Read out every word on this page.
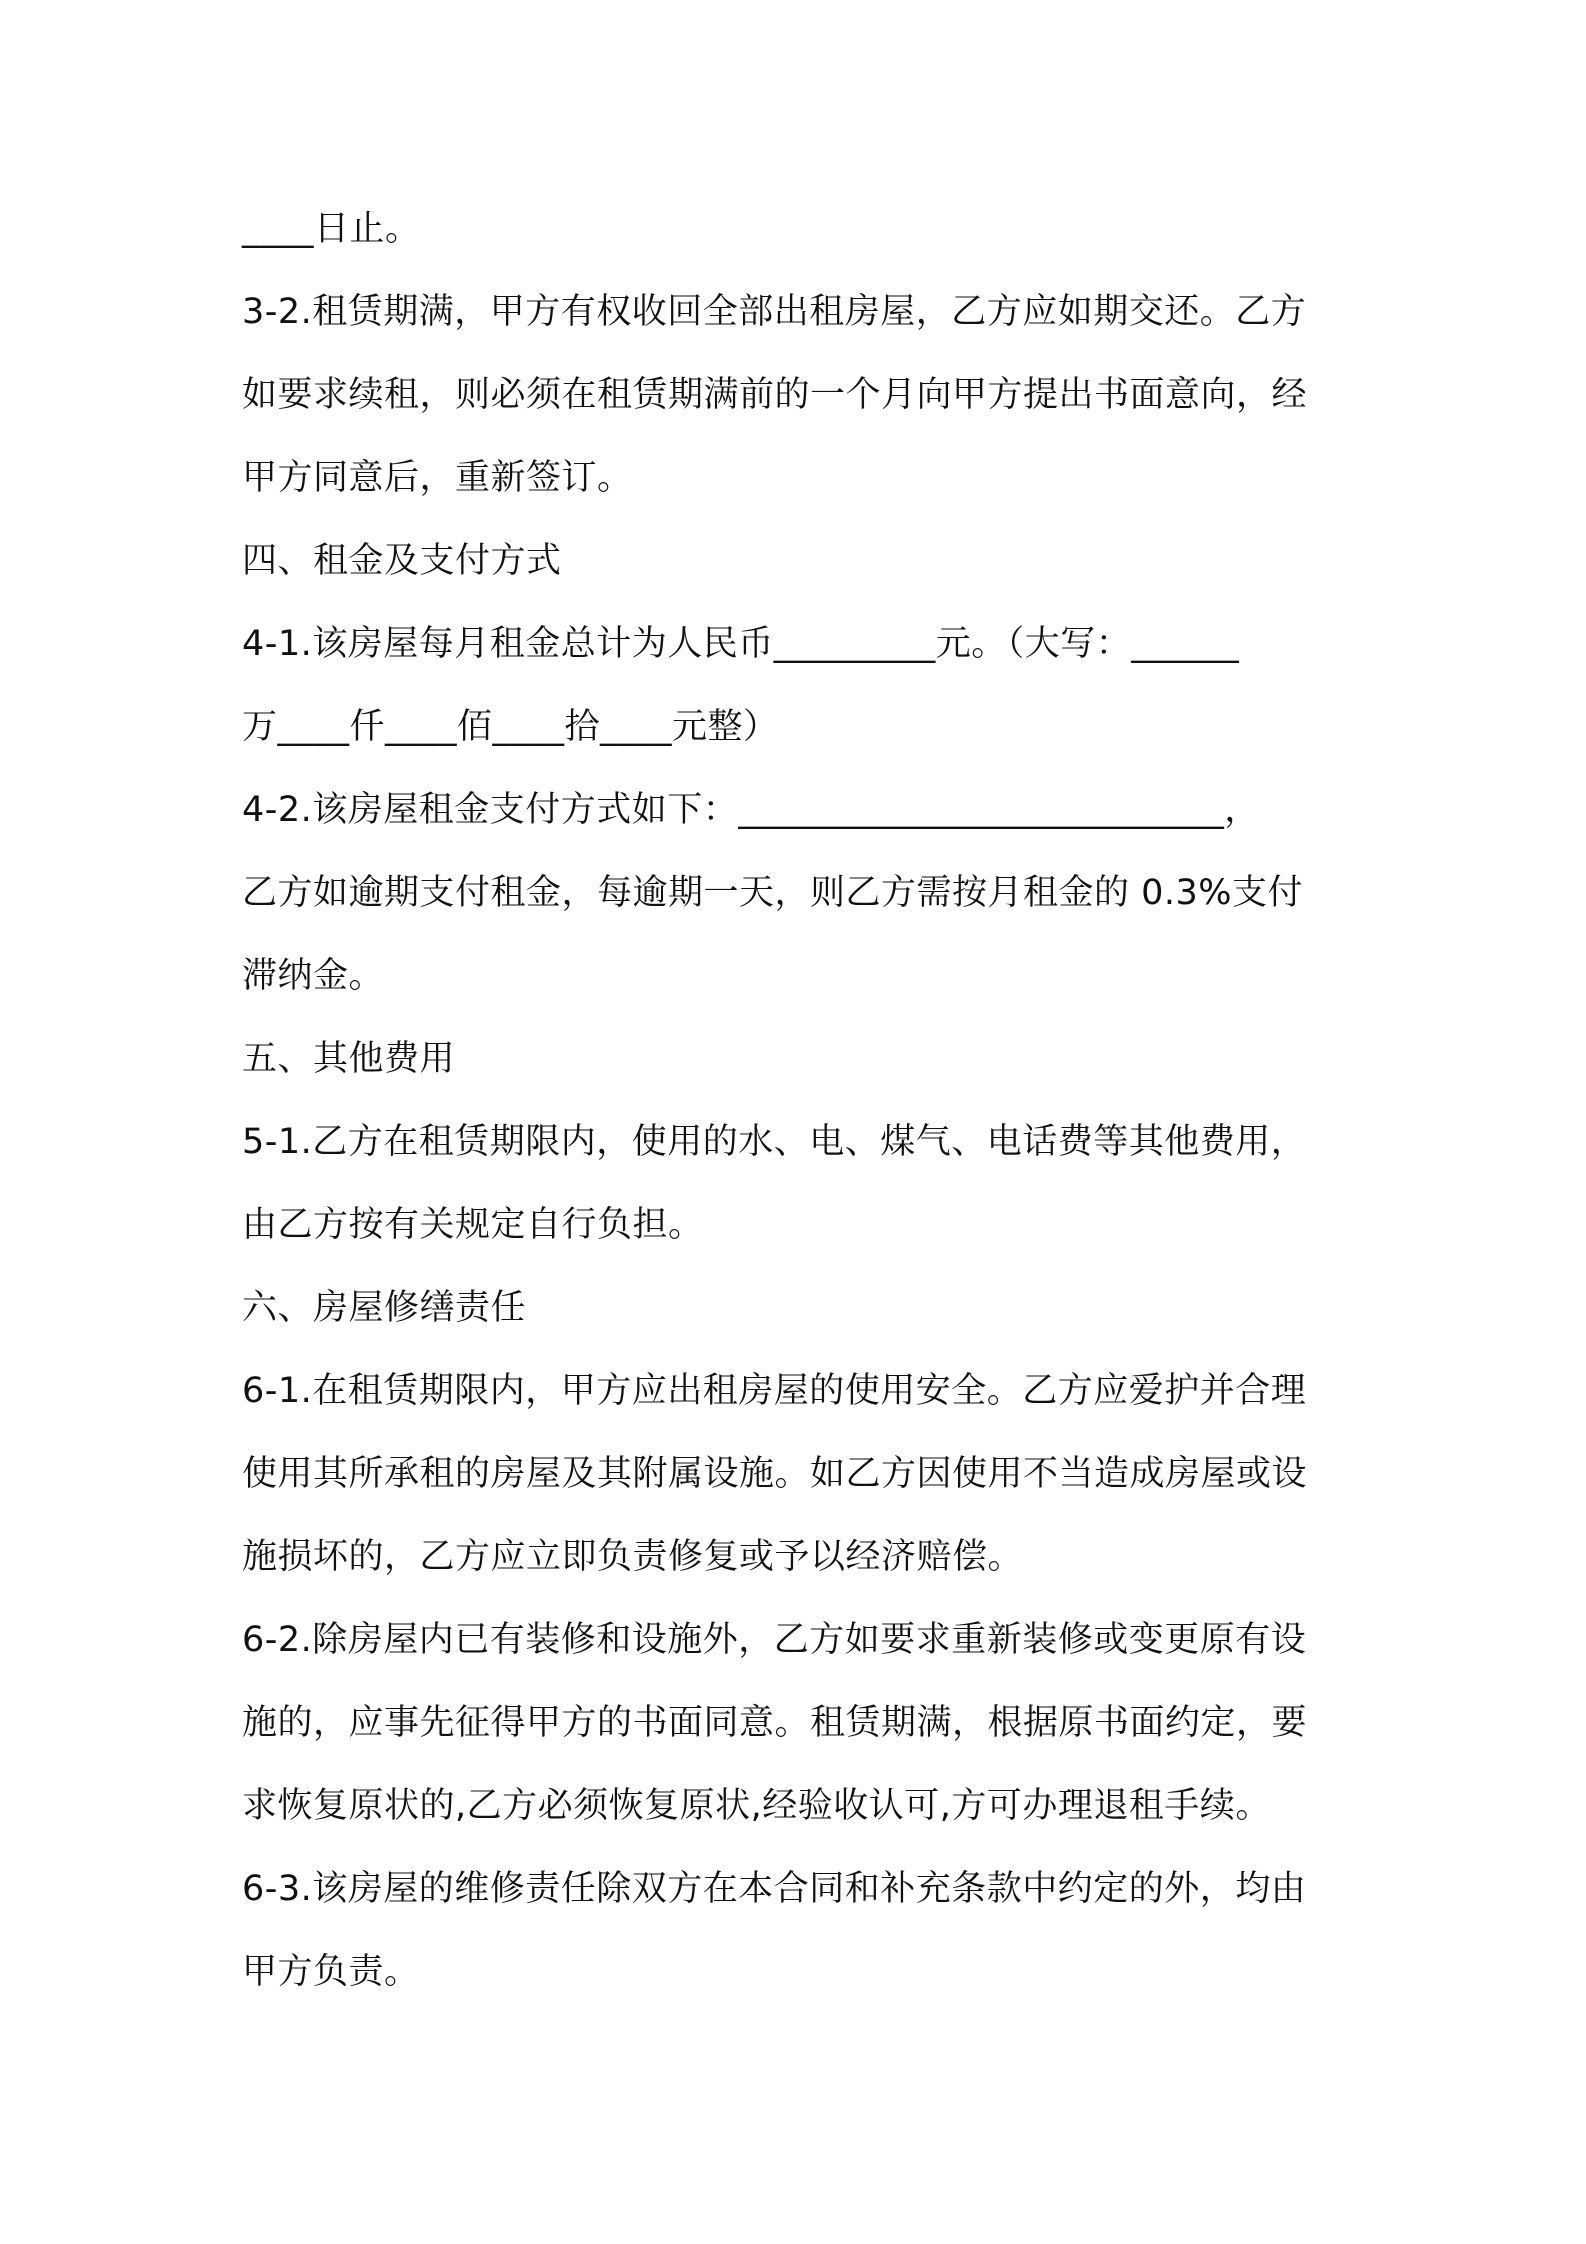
____日止。
3-2.租赁期满，甲方有权收回全部出租房屋，乙方应如期交还。乙方
如要求续租，则必须在租赁期满前的一个月向甲方提出书面意向，经
甲方同意后，重新签订。
四、租金及支付方式
4-1.该房屋每月租金总计为人民币_________元。（大写：______
万____仟____佰____拾____元整）
4-2.该房屋租金支付方式如下：___________________________，
乙方如逾期支付租金，每逾期一天，则乙方需按月租金的 0.3%支付
滞纳金。
五、其他费用
5-1.乙方在租赁期限内，使用的水、电、煤气、电话费等其他费用，
由乙方按有关规定自行负担。
六、房屋修缮责任
6-1.在租赁期限内，甲方应出租房屋的使用安全。乙方应爱护并合理
使用其所承租的房屋及其附属设施。如乙方因使用不当造成房屋或设
施损坏的，乙方应立即负责修复或予以经济赔偿。
6-2.除房屋内已有装修和设施外，乙方如要求重新装修或变更原有设
施的，应事先征得甲方的书面同意。租赁期满，根据原书面约定，要
求恢复原状的,乙方必须恢复原状,经验收认可,方可办理退租手续。
6-3.该房屋的维修责任除双方在本合同和补充条款中约定的外，均由
甲方负责。
